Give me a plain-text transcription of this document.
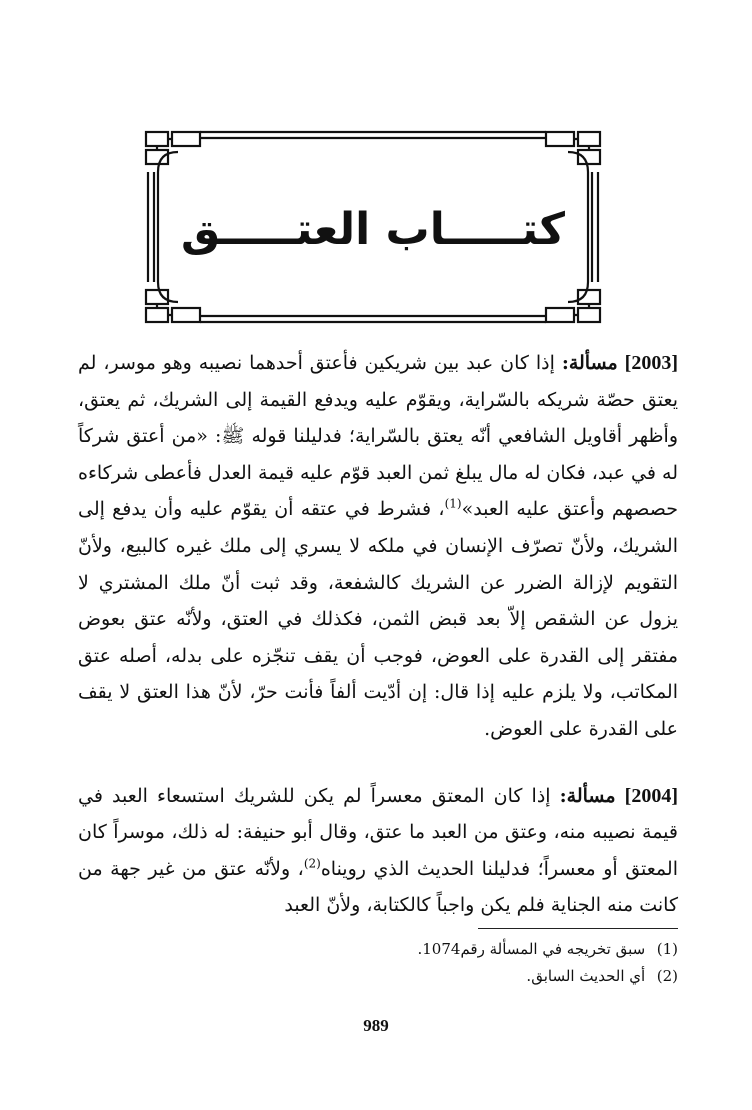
كتـــــاب العتـــــق

[2003] مسألة: إذا كان عبد بين شريكين فأعتق أحدهما نصيبه وهو موسر، لم يعتق حصّة شريكه بالسّراية، ويقوّم عليه ويدفع القيمة إلى الشريك، ثم يعتق، وأظهر أقاويل الشافعي أنّه يعتق بالسّراية؛ فدليلنا قوله ﷺ: «من أعتق شركاً له في عبد، فكان له مال يبلغ ثمن العبد قوّم عليه قيمة العدل فأعطى شركاءه حصصهم وأعتق عليه العبد»$^{(1)}$، فشرط في عتقه أن يقوّم عليه وأن يدفع إلى الشريك، ولأنّ تصرّف الإنسان في ملكه لا يسري إلى ملك غيره كالبيع، ولأنّ التقويم لإزالة الضرر عن الشريك كالشفعة، وقد ثبت أنّ ملك المشتري لا يزول عن الشقص إلاّ بعد قبض الثمن، فكذلك في العتق، ولأنّه عتق بعوض مفتقر إلى القدرة على العوض، فوجب أن يقف تنجّزه على بدله، أصله عتق المكاتب، ولا يلزم عليه إذا قال: إن أدّيت ألفاً فأنت حرّ، لأنّ هذا العتق لا يقف على القدرة على العوض.

[2004] مسألة: إذا كان المعتق معسراً لم يكن للشريك استسعاء العبد في قيمة نصيبه منه، وعتق من العبد ما عتق، وقال أبو حنيفة: له ذلك، موسراً كان المعتق أو معسراً؛ فدليلنا الحديث الذي رويناه$^{(2)}$، ولأنّه عتق من غير جهة من كانت منه الجناية فلم يكن واجباً كالكتابة، ولأنّ العبد

(1) سبق تخريجه في المسألة رقم1074.

(2) أي الحديث السابق.

989
